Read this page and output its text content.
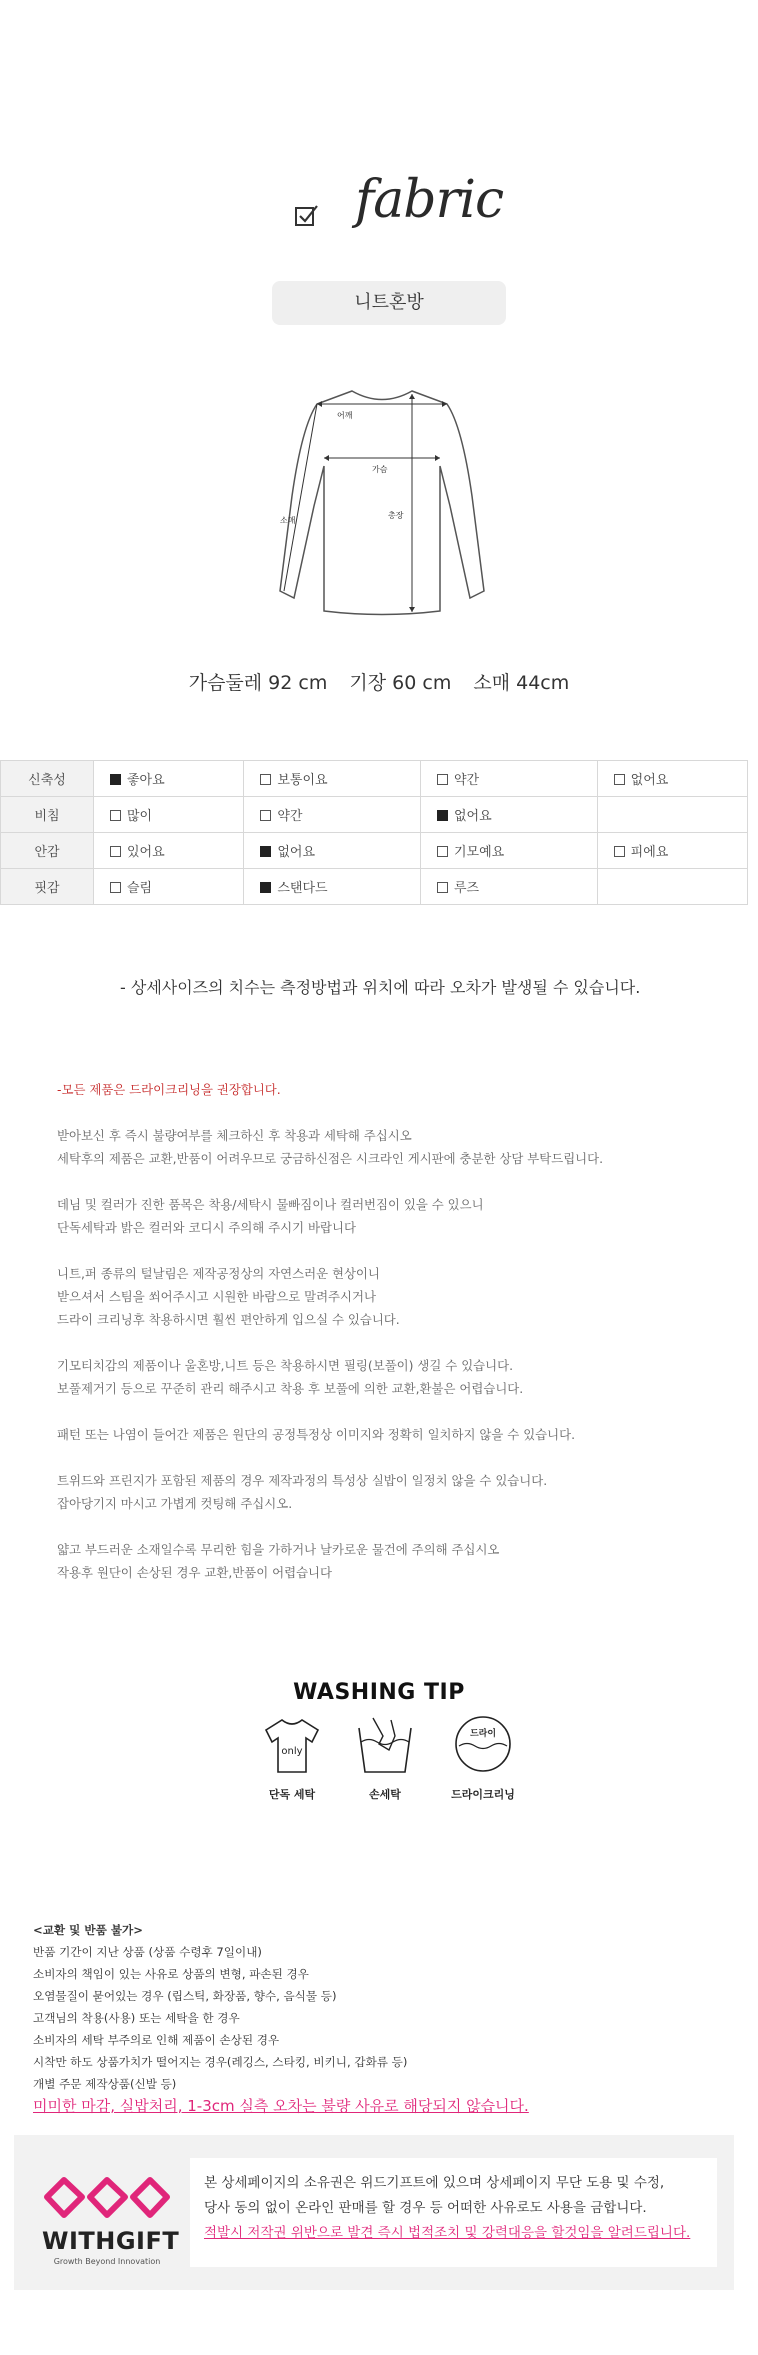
fabric
니트혼방
어깨
가슴
소매
총장
가슴둘레 92 cm 기장 60 cm 소매 44cm
신축성	좋아요	보통이요	약간	없어요
비침	많이	약간	없어요	
안감	있어요	없어요	기모예요	피에요
핏감	슬림	스탠다드	루즈	
- 상세사이즈의 치수는 측정방법과 위치에 따라 오차가 발생될 수 있습니다.

-모든 제품은 드라이크리닝을 권장합니다.

받아보신 후 즉시 불량여부를 체크하신 후 착용과 세탁해 주십시오
세탁후의 제품은 교환,반품이 어려우므로 궁금하신점은 시크라인 게시판에 충분한 상담 부탁드립니다.

데님 및 컬러가 진한 품목은 착용/세탁시 물빠짐이나 컬러번짐이 있을 수 있으니
단독세탁과 밝은 컬러와 코디시 주의해 주시기 바랍니다

니트,퍼 종류의 털날림은 제작공정상의 자연스러운 현상이니
받으셔서 스팀을 쐬어주시고 시원한 바람으로 말려주시거나
드라이 크리닝후 착용하시면 훨씬 편안하게 입으실 수 있습니다.

기모티치감의 제품이나 울혼방,니트 등은 착용하시면 필링(보풀이) 생길 수 있습니다.
보풀제거기 등으로 꾸준히 관리 해주시고 착용 후 보풀에 의한 교환,환불은 어렵습니다.

패턴 또는 나염이 들어간 제품은 원단의 공정특정상 이미지와 정확히 일치하지 않을 수 있습니다.

트위드와 프린지가 포함된 제품의 경우 제작과정의 특성상 실밥이 일정치 않을 수 있습니다.
잡아당기지 마시고 가볍게 컷팅해 주십시오.

얇고 부드러운 소재일수록 무리한 힘을 가하거나 날카로운 물건에 주의해 주십시오
작용후 원단이 손상된 경우 교환,반품이 어렵습니다

WASHING TIP
only
단독 세탁	손세탁
드라이
드라이크리닝
<교환 및 반품 불가>
반품 기간이 지난 상품 (상품 수령후 7일이내)
소비자의 책임이 있는 사유로 상품의 변형, 파손된 경우
오염물질이 묻어있는 경우 (립스틱, 화장품, 향수, 음식물 등)
고객님의 착용(사용) 또는 세탁을 한 경우
소비자의 세탁 부주의로 인해 제품이 손상된 경우
시착만 하도 상품가치가 떨어지는 경우(레깅스, 스타킹, 비키니, 갑화류 등)
개별 주문 제작상품(신발 등)
미미한 마감, 실밥처리, 1-3cm 실측 오차는 불량 사유로 해당되지 않습니다.
WITHGIFT
Growth Beyond Innovation
본 상세페이지의 소유권은 위드기프트에 있으며 상세페이지 무단 도용 및 수정,
당사 동의 없이 온라인 판매를 할 경우 등 어떠한 사유로도 사용을 금합니다.
적발시 저작권 위반으로 발견 즉시 법적조치 및 강력대응을 할것임을 알려드립니다.
